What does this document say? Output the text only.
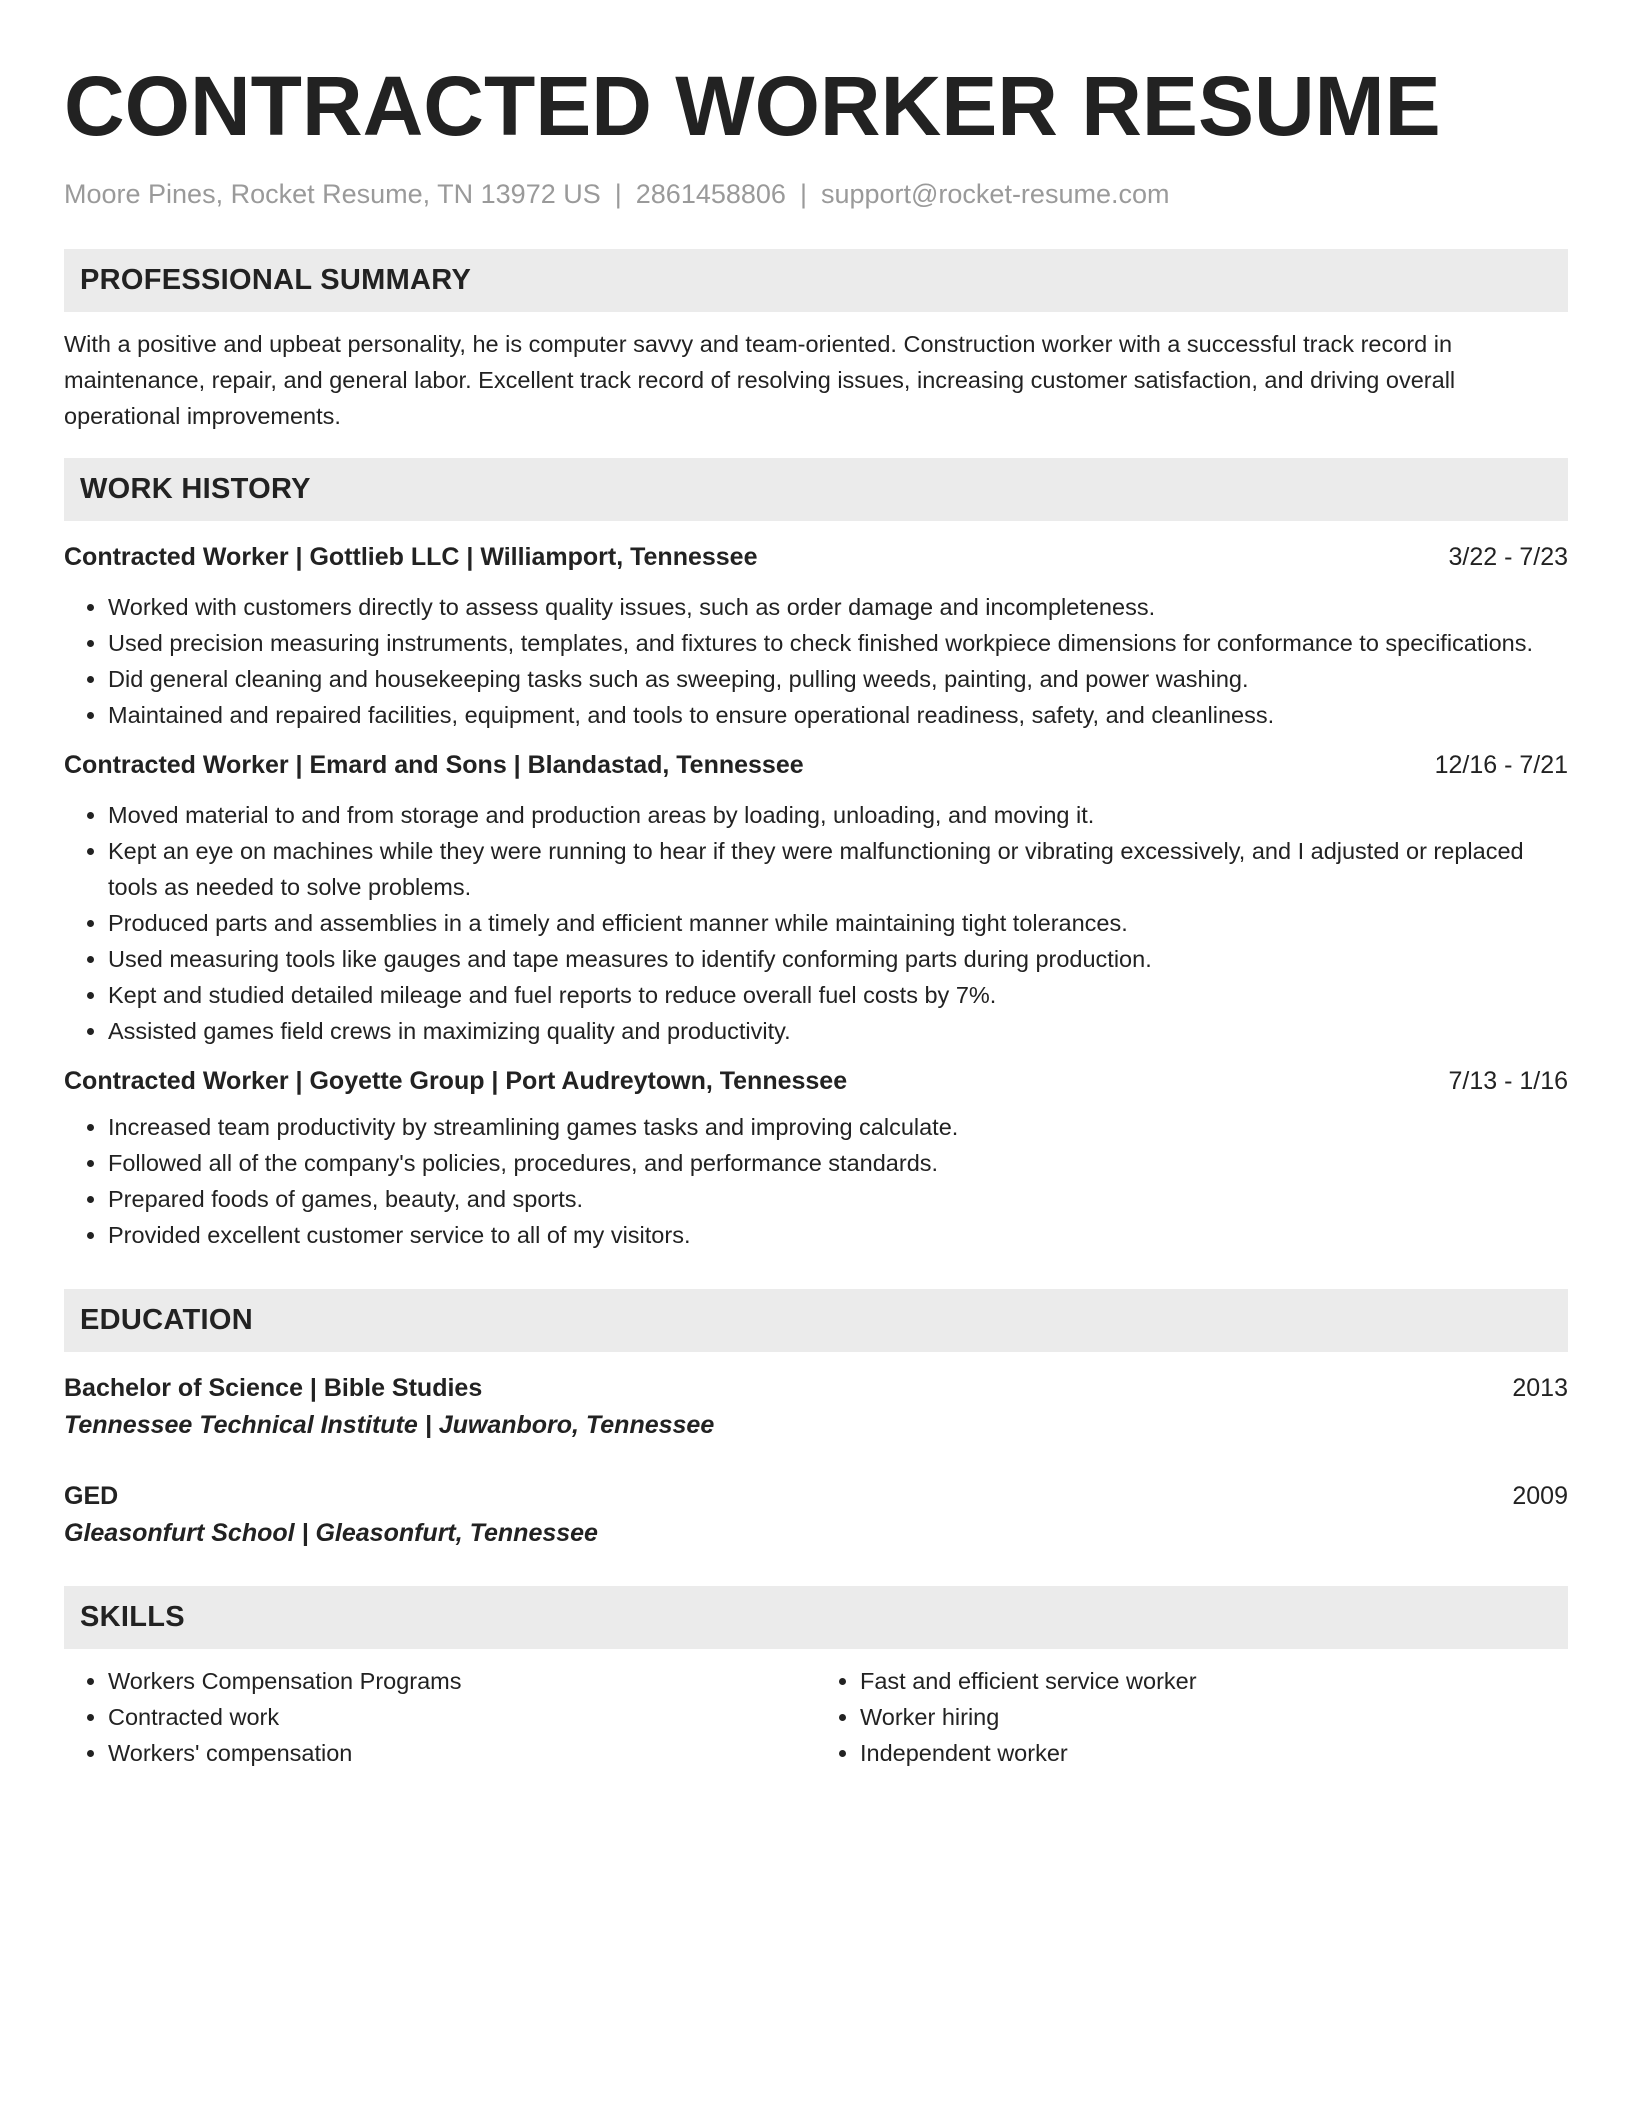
CONTRACTED WORKER RESUME
Moore Pines, Rocket Resume, TN 13972 US | 2861458806 | support@rocket-resume.com
PROFESSIONAL SUMMARY
With a positive and upbeat personality, he is computer savvy and team-oriented. Construction worker with a successful track record in maintenance, repair, and general labor. Excellent track record of resolving issues, increasing customer satisfaction, and driving overall operational improvements.
WORK HISTORY
Contracted Worker | Gottlieb LLC | Williamport, Tennessee	3/22 - 7/23
• Worked with customers directly to assess quality issues, such as order damage and incompleteness.
• Used precision measuring instruments, templates, and fixtures to check finished workpiece dimensions for conformance to specifications.
• Did general cleaning and housekeeping tasks such as sweeping, pulling weeds, painting, and power washing.
• Maintained and repaired facilities, equipment, and tools to ensure operational readiness, safety, and cleanliness.
Contracted Worker | Emard and Sons | Blandastad, Tennessee	12/16 - 7/21
• Moved material to and from storage and production areas by loading, unloading, and moving it.
• Kept an eye on machines while they were running to hear if they were malfunctioning or vibrating excessively, and I adjusted or replaced tools as needed to solve problems.
• Produced parts and assemblies in a timely and efficient manner while maintaining tight tolerances.
• Used measuring tools like gauges and tape measures to identify conforming parts during production.
• Kept and studied detailed mileage and fuel reports to reduce overall fuel costs by 7%.
• Assisted games field crews in maximizing quality and productivity.
Contracted Worker | Goyette Group | Port Audreytown, Tennessee	7/13 - 1/16
• Increased team productivity by streamlining games tasks and improving calculate.
• Followed all of the company's policies, procedures, and performance standards.
• Prepared foods of games, beauty, and sports.
• Provided excellent customer service to all of my visitors.
EDUCATION
Bachelor of Science | Bible Studies	2013
Tennessee Technical Institute | Juwanboro, Tennessee
GED	2009
Gleasonfurt School | Gleasonfurt, Tennessee
SKILLS
• Workers Compensation Programs
• Contracted work
• Workers' compensation
• Fast and efficient service worker
• Worker hiring
• Independent worker
